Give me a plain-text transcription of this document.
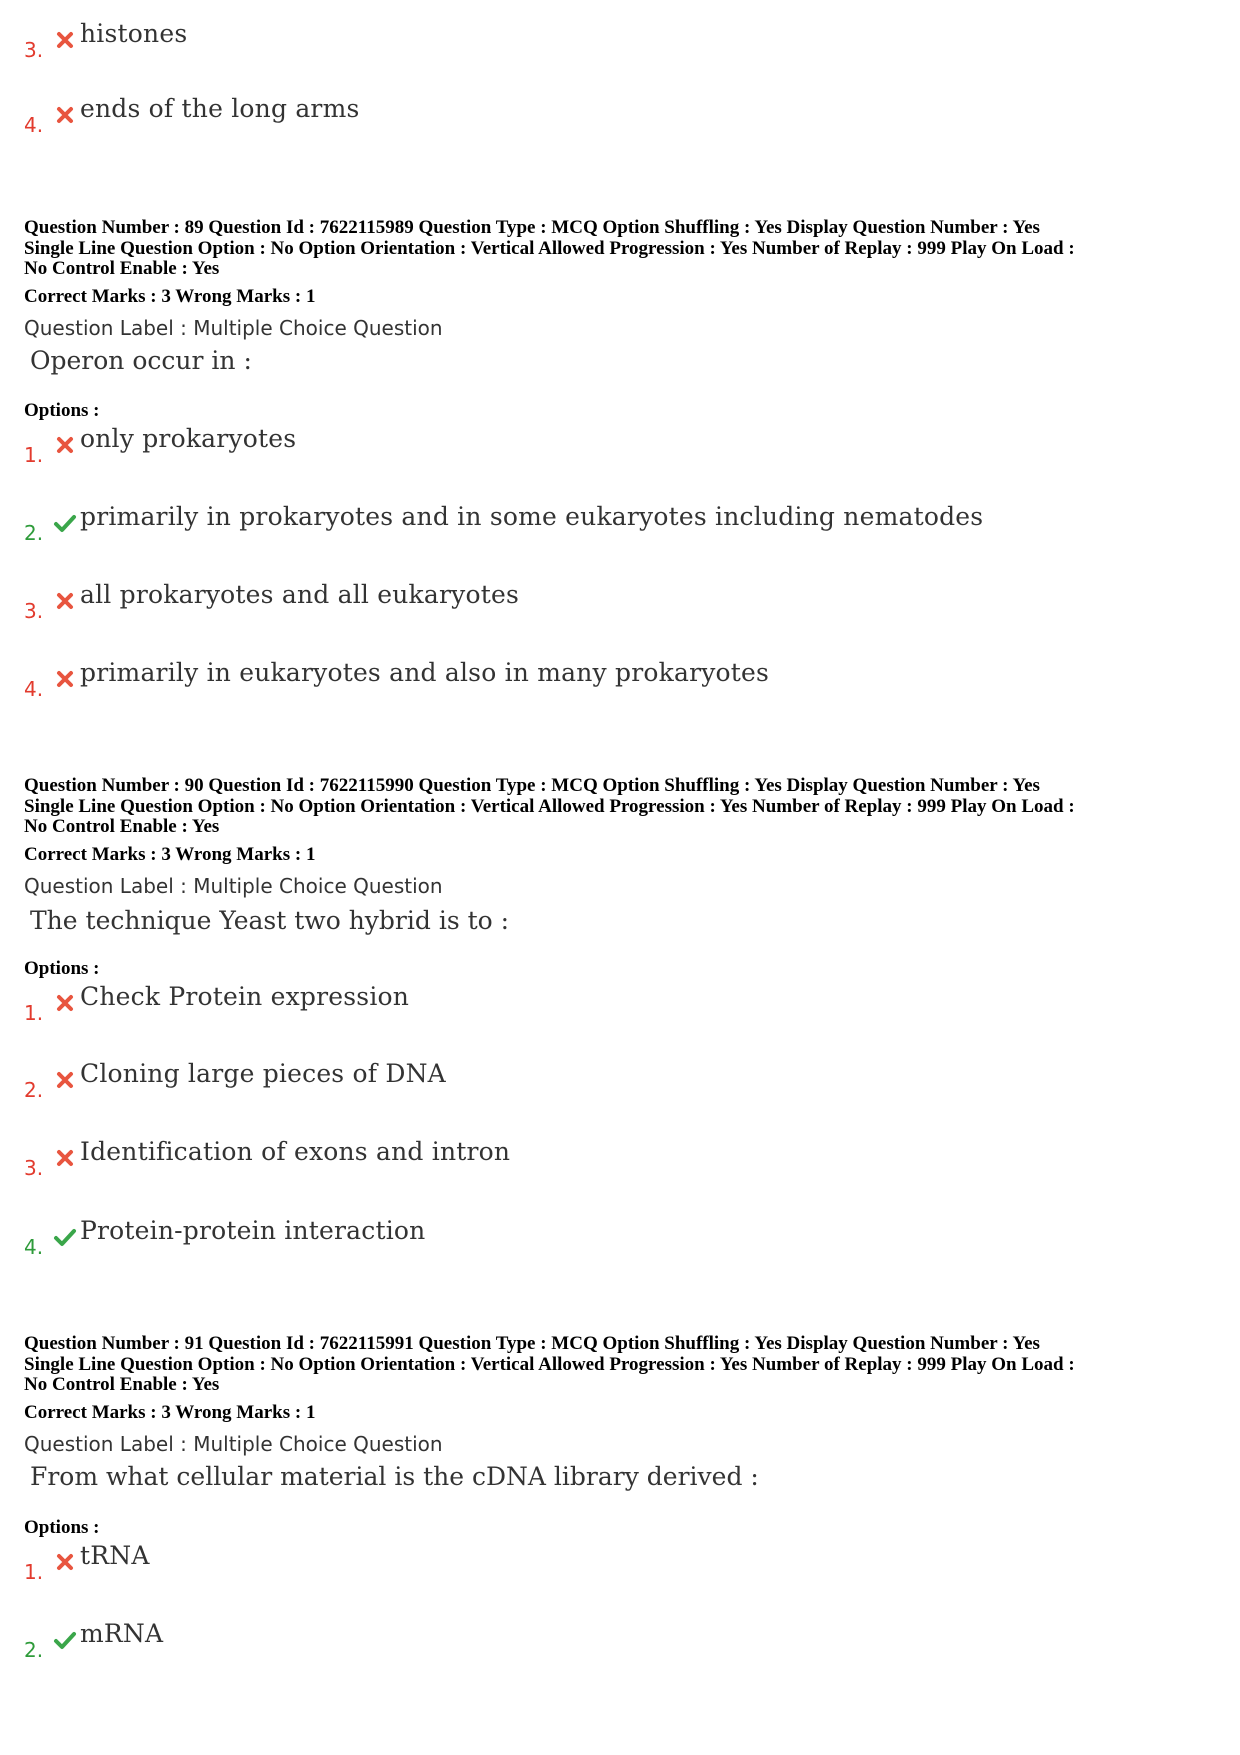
3.
histones
4.
ends of the long arms
Question Number : 89 Question Id : 7622115989 Question Type : MCQ Option Shuffling : Yes Display Question Number : Yes
Single Line Question Option : No Option Orientation : Vertical Allowed Progression : Yes Number of Replay : 999 Play On Load :
No Control Enable : Yes
Correct Marks : 3 Wrong Marks : 1
Question Label : Multiple Choice Question
Operon occur in :
Options :
1.
only prokaryotes
2.
primarily in prokaryotes and in some eukaryotes including nematodes
3.
all prokaryotes and all eukaryotes
4.
primarily in eukaryotes and also in many prokaryotes
Question Number : 90 Question Id : 7622115990 Question Type : MCQ Option Shuffling : Yes Display Question Number : Yes
Single Line Question Option : No Option Orientation : Vertical Allowed Progression : Yes Number of Replay : 999 Play On Load :
No Control Enable : Yes
Correct Marks : 3 Wrong Marks : 1
Question Label : Multiple Choice Question
The technique Yeast two hybrid is to :
Options :
1.
Check Protein expression
2.
Cloning large pieces of DNA
3.
Identification of exons and intron
4.
Protein-protein interaction
Question Number : 91 Question Id : 7622115991 Question Type : MCQ Option Shuffling : Yes Display Question Number : Yes
Single Line Question Option : No Option Orientation : Vertical Allowed Progression : Yes Number of Replay : 999 Play On Load :
No Control Enable : Yes
Correct Marks : 3 Wrong Marks : 1
Question Label : Multiple Choice Question
From what cellular material is the cDNA library derived :
Options :
1.
tRNA
2.
mRNA
